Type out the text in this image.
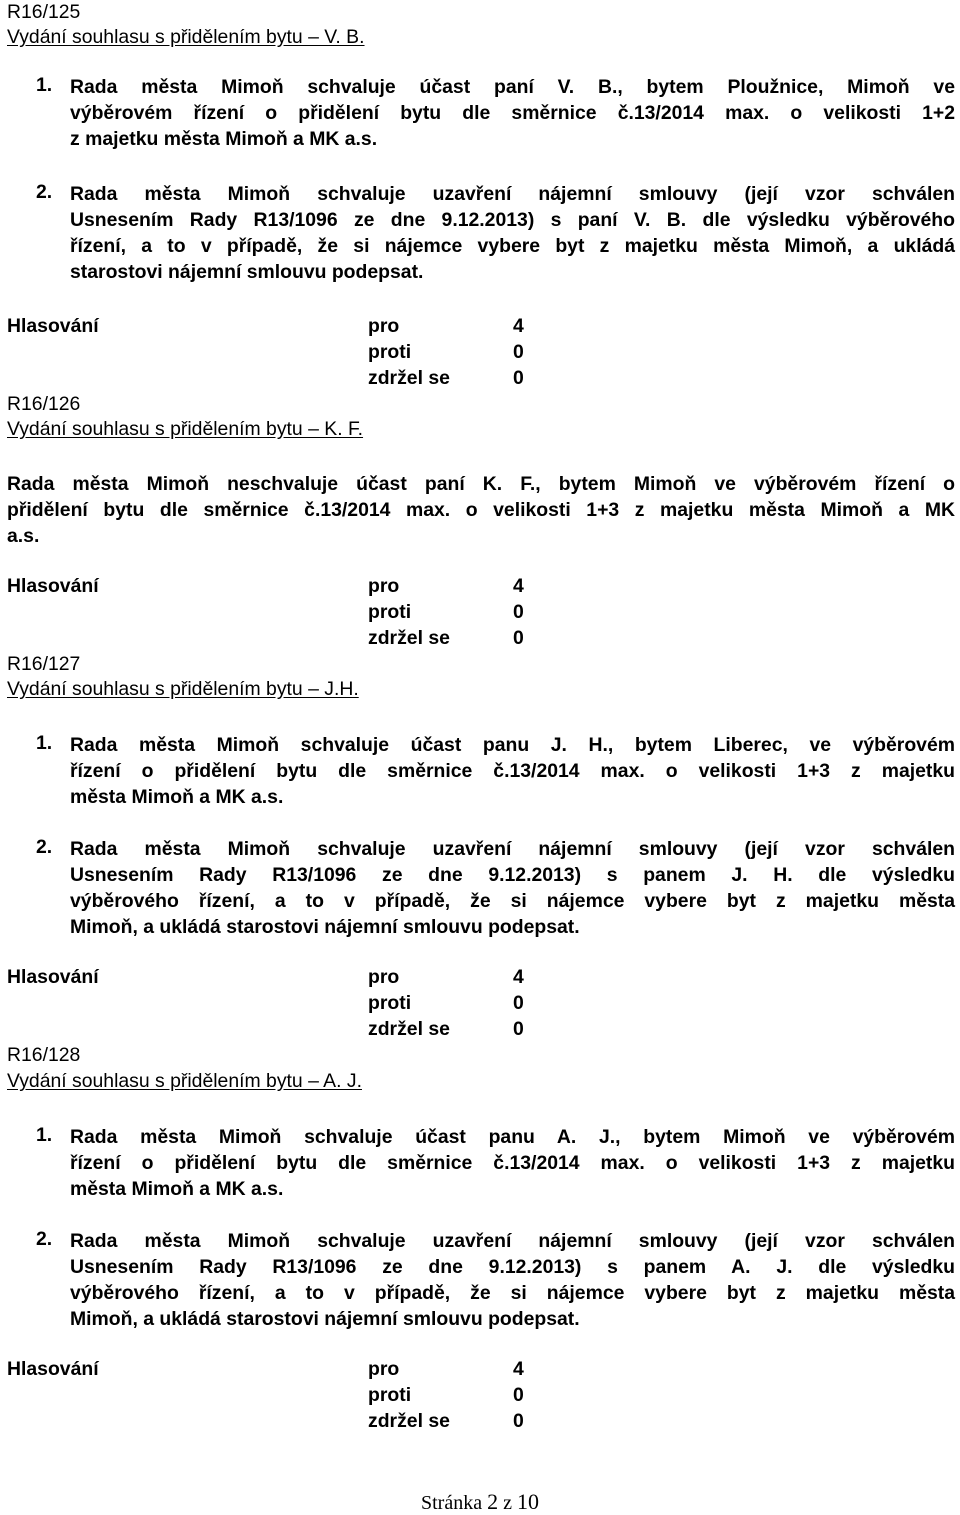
R16/125
Vydání souhlasu s přidělením bytu – V. B.
1. Rada města Mimoň schvaluje účast paní V. B., bytem Ploužnice, Mimoň ve
výběrovém řízení o přidělení bytu dle směrnice č.13/2014 max. o velikosti 1+2
z majetku města Mimoň a MK a.s.
2. Rada města Mimoň schvaluje uzavření nájemní smlouvy (její vzor schválen
Usnesením Rady R13/1096 ze dne 9.12.2013) s paní V. B. dle výsledku výběrového
řízení, a to v případě, že si nájemce vybere byt z majetku města Mimoň, a ukládá
starostovi nájemní smlouvu podepsat.
Hlasování	pro	4
proti	0
zdržel se	0
R16/126
Vydání souhlasu s přidělením bytu – K. F.
Rada města Mimoň neschvaluje účast paní K. F., bytem Mimoň ve výběrovém řízení o
přidělení bytu dle směrnice č.13/2014 max. o velikosti 1+3 z majetku města Mimoň a MK
a.s.
Hlasování	pro	4
proti	0
zdržel se	0
R16/127
Vydání souhlasu s přidělením bytu – J.H.
1. Rada města Mimoň schvaluje účast panu J. H., bytem Liberec, ve výběrovém
řízení o přidělení bytu dle směrnice č.13/2014 max. o velikosti 1+3 z majetku
města Mimoň a MK a.s.
2. Rada města Mimoň schvaluje uzavření nájemní smlouvy (její vzor schválen
Usnesením Rady R13/1096 ze dne 9.12.2013) s panem J. H. dle výsledku
výběrového řízení, a to v případě, že si nájemce vybere byt z majetku města
Mimoň, a ukládá starostovi nájemní smlouvu podepsat.
Hlasování	pro	4
proti	0
zdržel se	0
R16/128
Vydání souhlasu s přidělením bytu – A. J.
1. Rada města Mimoň schvaluje účast panu A. J., bytem Mimoň ve výběrovém
řízení o přidělení bytu dle směrnice č.13/2014 max. o velikosti 1+3 z majetku
města Mimoň a MK a.s.
2. Rada města Mimoň schvaluje uzavření nájemní smlouvy (její vzor schválen
Usnesením Rady R13/1096 ze dne 9.12.2013) s panem A. J. dle výsledku
výběrového řízení, a to v případě, že si nájemce vybere byt z majetku města
Mimoň, a ukládá starostovi nájemní smlouvu podepsat.
Hlasování	pro	4
proti	0
zdržel se	0
Stránka 2 z 10
